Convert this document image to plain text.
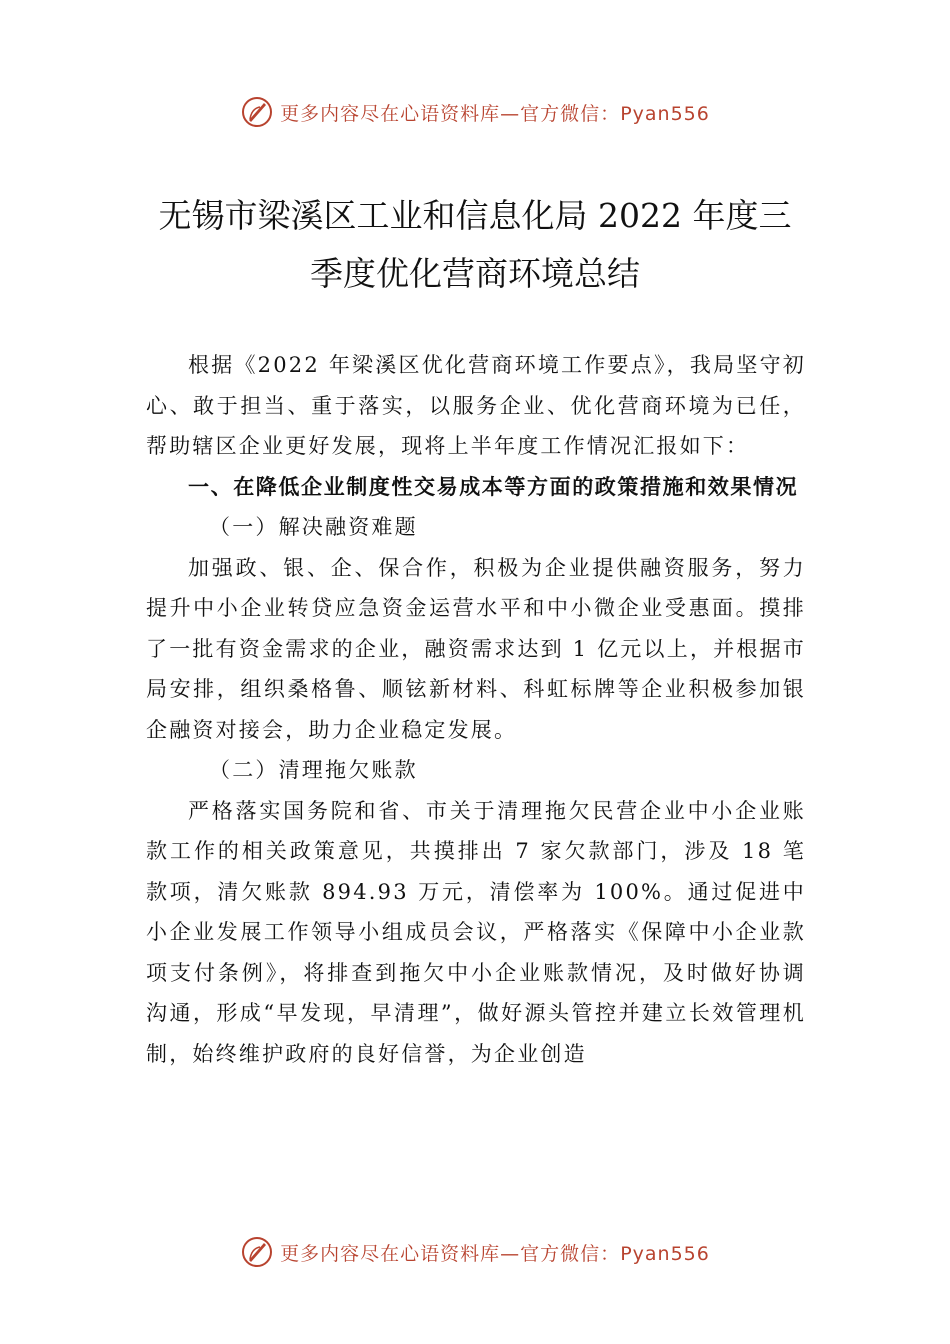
更多内容尽在心语资料库—官方微信：Pyan556
无锡市梁溪区工业和信息化局 2022 年度三
季度优化营商环境总结

根据《2022 年梁溪区优化营商环境工作要点》，我局坚守初心、敢于担当、重于落实，以服务企业、优化营商环境为已任，帮助辖区企业更好发展，现将上半年度工作情况汇报如下：

一、在降低企业制度性交易成本等方面的政策措施和效果情况

（一）解决融资难题

加强政、银、企、保合作，积极为企业提供融资服务，努力提升中小企业转贷应急资金运营水平和中小微企业受惠面。摸排了一批有资金需求的企业，融资需求达到 1 亿元以上，并根据市局安排，组织桑格鲁、顺铉新材料、科虹标牌等企业积极参加银企融资对接会，助力企业稳定发展。

（二）清理拖欠账款

严格落实国务院和省、市关于清理拖欠民营企业中小企业账款工作的相关政策意见，共摸排出 7 家欠款部门，涉及 18 笔款项，清欠账款 894.93 万元，清偿率为 100%。通过促进中小企业发展工作领导小组成员会议，严格落实《保障中小企业款项支付条例》，将排查到拖欠中小企业账款情况，及时做好协调沟通，形成“早发现，早清理”，做好源头管控并建立长效管理机制，始终维护政府的良好信誉，为企业创造

更多内容尽在心语资料库—官方微信：Pyan556
